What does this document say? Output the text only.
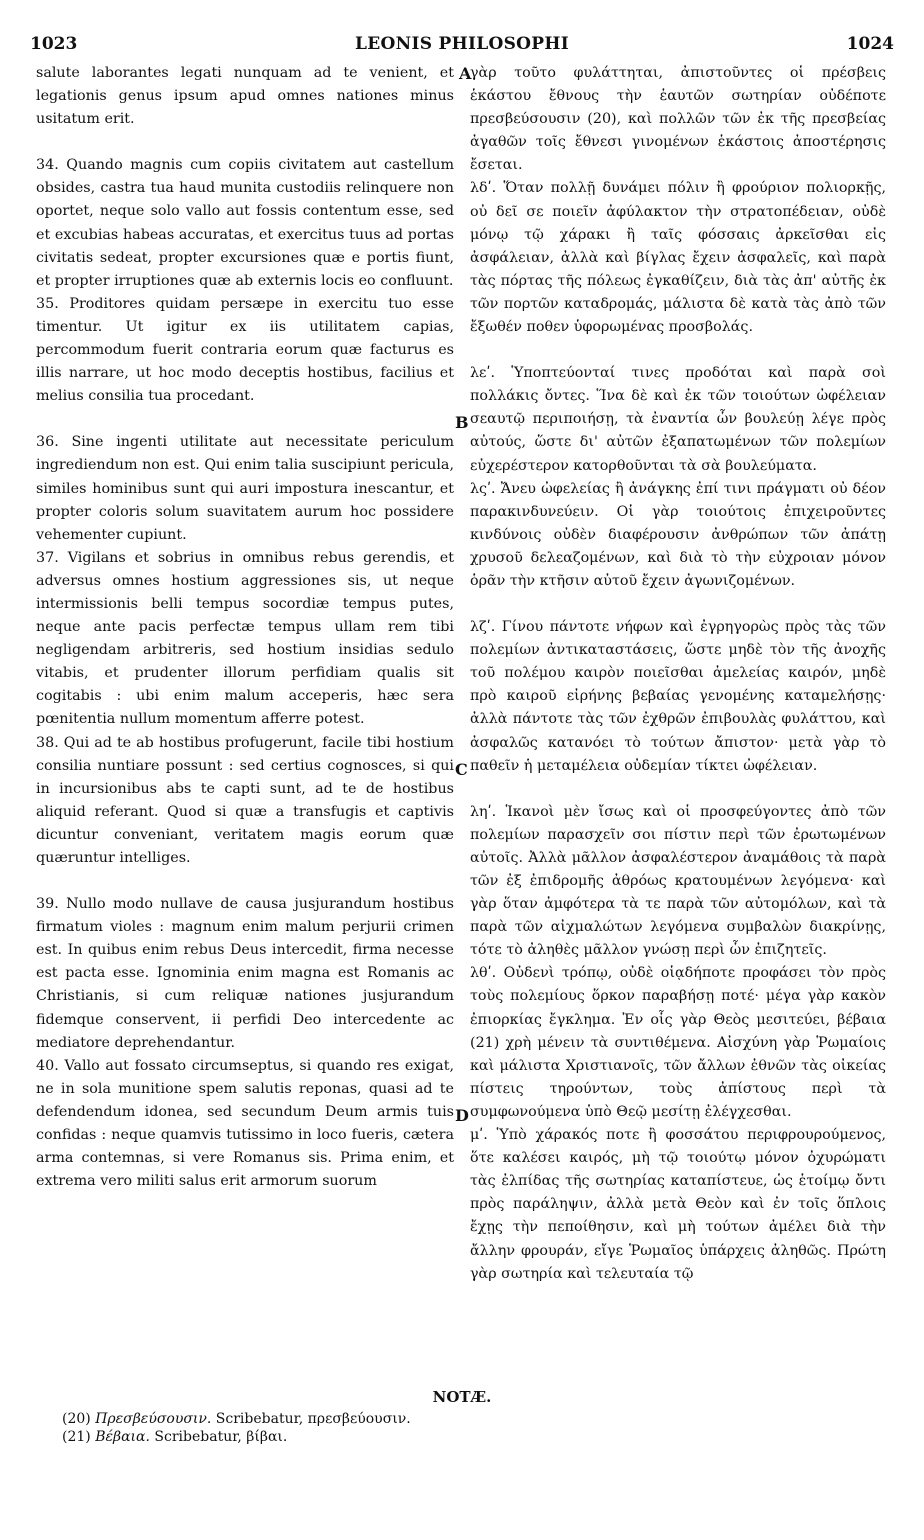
1023	LEONIS PHILOSOPHI	1024

salute laborantes legati nunquam ad te venient, et legationis genus ipsum apud omnes nationes minus usitatum erit.

34. Quando magnis cum copiis civitatem aut castellum obsides, castra tua haud munita custodiis relinquere non oportet, neque solo vallo aut fossis contentum esse, sed et excubias habeas accuratas, et exercitus tuus ad portas civitatis sedeat, propter excursiones quæ e portis fiunt, et propter irruptiones quæ ab externis locis eo confluunt.

35. Proditores quidam persæpe in exercitu tuo esse timentur. Ut igitur ex iis utilitatem capias, percommodum fuerit contraria eorum quæ facturus es illis narrare, ut hoc modo deceptis hostibus, facilius et melius consilia tua procedant.

36. Sine ingenti utilitate aut necessitate periculum ingrediendum non est. Qui enim talia suscipiunt pericula, similes hominibus sunt qui auri impostura inescantur, et propter coloris solum suavitatem aurum hoc possidere vehementer cupiunt.

37. Vigilans et sobrius in omnibus rebus gerendis, et adversus omnes hostium aggressiones sis, ut neque intermissionis belli tempus socordiæ tempus putes, neque ante pacis perfectæ tempus ullam rem tibi negligendam arbitreris, sed hostium insidias sedulo vitabis, et prudenter illorum perfidiam qualis sit cogitabis : ubi enim malum acceperis, hæc sera pœnitentia nullum momentum afferre potest.

38. Qui ad te ab hostibus profugerunt, facile tibi hostium consilia nuntiare possunt : sed certius cognosces, si qui in incursionibus abs te capti sunt, ad te de hostibus aliquid referant. Quod si quæ a transfugis et captivis dicuntur conveniant, veritatem magis eorum quæ quæruntur intelliges.

39. Nullo modo nullave de causa jusjurandum hostibus firmatum violes : magnum enim malum perjurii crimen est. In quibus enim rebus Deus intercedit, firma necesse est pacta esse. Ignominia enim magna est Romanis ac Christianis, si cum reliquæ nationes jusjurandum fidemque conservent, ii perfidi Deo intercedente ac mediatore deprehendantur.

40. Vallo aut fossato circumseptus, si quando res exigat, ne in sola munitione spem salutis reponas, quasi ad te defendendum idonea, sed secundum Deum armis tuis confidas : neque quamvis tutissimo in loco fueris, cætera arma contemnas, si vere Romanus sis. Prima enim, et extrema vero militi salus erit armorum suorum

A
B
C
D

γὰρ τοῦτο φυλάττηται, ἀπιστοῦντες οἱ πρέσβεις ἑκάστου ἔθνους τὴν ἑαυτῶν σωτηρίαν οὐδέποτε πρεσβεύσουσιν (20), καὶ πολλῶν τῶν ἐκ τῆς πρεσβείας ἀγαθῶν τοῖς ἔθνεσι γινομένων ἑκάστοις ἀποστέρησις ἔσεται.

λδʹ. Ὅταν πολλῇ δυνάμει πόλιν ἢ φρούριον πολιορκῇς, οὐ δεῖ σε ποιεῖν ἀφύλακτον τὴν στρατοπέδειαν, οὐδὲ μόνῳ τῷ χάρακι ἢ ταῖς φόσσαις ἀρκεῖσθαι εἰς ἀσφάλειαν, ἀλλὰ καὶ βίγλας ἔχειν ἀσφαλεῖς, καὶ παρὰ τὰς πόρτας τῆς πόλεως ἐγκαθίζειν, διὰ τὰς ἀπ' αὐτῆς ἐκ τῶν πορτῶν καταδρομάς, μάλιστα δὲ κατὰ τὰς ἀπὸ τῶν ἔξωθέν ποθεν ὑφορωμένας προσβολάς.

λεʹ. Ὑποπτεύονταί τινες προδόται καὶ παρὰ σοὶ πολλάκις ὄντες. Ἵνα δὲ καὶ ἐκ τῶν τοιούτων ὠφέλειαν σεαυτῷ περιποιήσῃ, τὰ ἐναντία ὧν βουλεύῃ λέγε πρὸς αὐτούς, ὥστε δι' αὐτῶν ἐξαπατωμένων τῶν πολεμίων εὐχερέστερον κατορθοῦνται τὰ σὰ βουλεύματα.

λςʹ. Ἄνευ ὠφελείας ἢ ἀνάγκης ἐπί τινι πράγματι οὐ δέον παρακινδυνεύειν. Οἱ γὰρ τοιούτοις ἐπιχειροῦντες κινδύνοις οὐδὲν διαφέρουσιν ἀνθρώπων τῶν ἀπάτῃ χρυσοῦ δελεαζομένων, καὶ διὰ τὸ τὴν εὐχροιαν μόνον ὁρᾶν τὴν κτῆσιν αὐτοῦ ἔχειν ἀγωνιζομένων.

λζʹ. Γίνου πάντοτε νήφων καὶ ἐγρηγορὼς πρὸς τὰς τῶν πολεμίων ἀντικαταστάσεις, ὥστε μηδὲ τὸν τῆς ἀνοχῆς τοῦ πολέμου καιρὸν ποιεῖσθαι ἀμελείας καιρόν, μηδὲ πρὸ καιροῦ εἰρήνης βεβαίας γενομένης καταμελήσῃς· ἀλλὰ πάντοτε τὰς τῶν ἐχθρῶν ἐπιβουλὰς φυλάττου, καὶ ἀσφαλῶς κατανόει τὸ τούτων ἄπιστον· μετὰ γὰρ τὸ παθεῖν ἡ μεταμέλεια οὐδεμίαν τίκτει ὠφέλειαν.

ληʹ. Ἱκανοὶ μὲν ἴσως καὶ οἱ προσφεύγοντες ἀπὸ τῶν πολεμίων παρασχεῖν σοι πίστιν περὶ τῶν ἐρωτωμένων αὐτοῖς. Ἀλλὰ μᾶλλον ἀσφαλέστερον ἀναμάθοις τὰ παρὰ τῶν ἐξ ἐπιδρομῆς ἀθρόως κρατουμένων λεγόμενα· καὶ γὰρ ὅταν ἀμφότερα τὰ τε παρὰ τῶν αὐτομόλων, καὶ τὰ παρὰ τῶν αἰχμαλώτων λεγόμενα συμβαλὼν διακρίνῃς, τότε τὸ ἀληθὲς μᾶλλον γνώσῃ περὶ ὧν ἐπιζητεῖς.

λθʹ. Οὐδενὶ τρόπῳ, οὐδὲ οἱᾳδήποτε προφάσει τὸν πρὸς τοὺς πολεμίους ὅρκον παραβήσῃ ποτέ· μέγα γὰρ κακὸν ἐπιορκίας ἔγκλημα. Ἐν οἷς γὰρ Θεὸς μεσιτεύει, βέβαια (21) χρὴ μένειν τὰ συντιθέμενα. Αἰσχύνη γὰρ Ῥωμαίοις καὶ μάλιστα Χριστιανοῖς, τῶν ἄλλων ἐθνῶν τὰς οἰκείας πίστεις τηρούντων, τοὺς ἀπίστους περὶ τὰ συμφωνούμενα ὑπὸ Θεῷ μεσίτῃ ἐλέγχεσθαι.

μʹ. Ὑπὸ χάρακός ποτε ἢ φοσσάτου περιφρουρούμενος, ὅτε καλέσει καιρός, μὴ τῷ τοιούτῳ μόνον ὀχυρώματι τὰς ἐλπίδας τῆς σωτηρίας καταπίστευε, ὡς ἑτοίμῳ ὄντι πρὸς παράληψιν, ἀλλὰ μετὰ Θεὸν καὶ ἐν τοῖς ὅπλοις ἔχῃς τὴν πεποίθησιν, καὶ μὴ τούτων ἀμέλει διὰ τὴν ἄλλην φρουράν, εἴγε Ῥωμαῖος ὑπάρχεις ἀληθῶς. Πρώτη γὰρ σωτηρία καὶ τελευταία τῷ

NOTÆ.
(20) Πρεσβεύσουσιν. Scribebatur, πρεσβεύουσιν.
(21) Βέβαια. Scribebatur, βίβαι.
